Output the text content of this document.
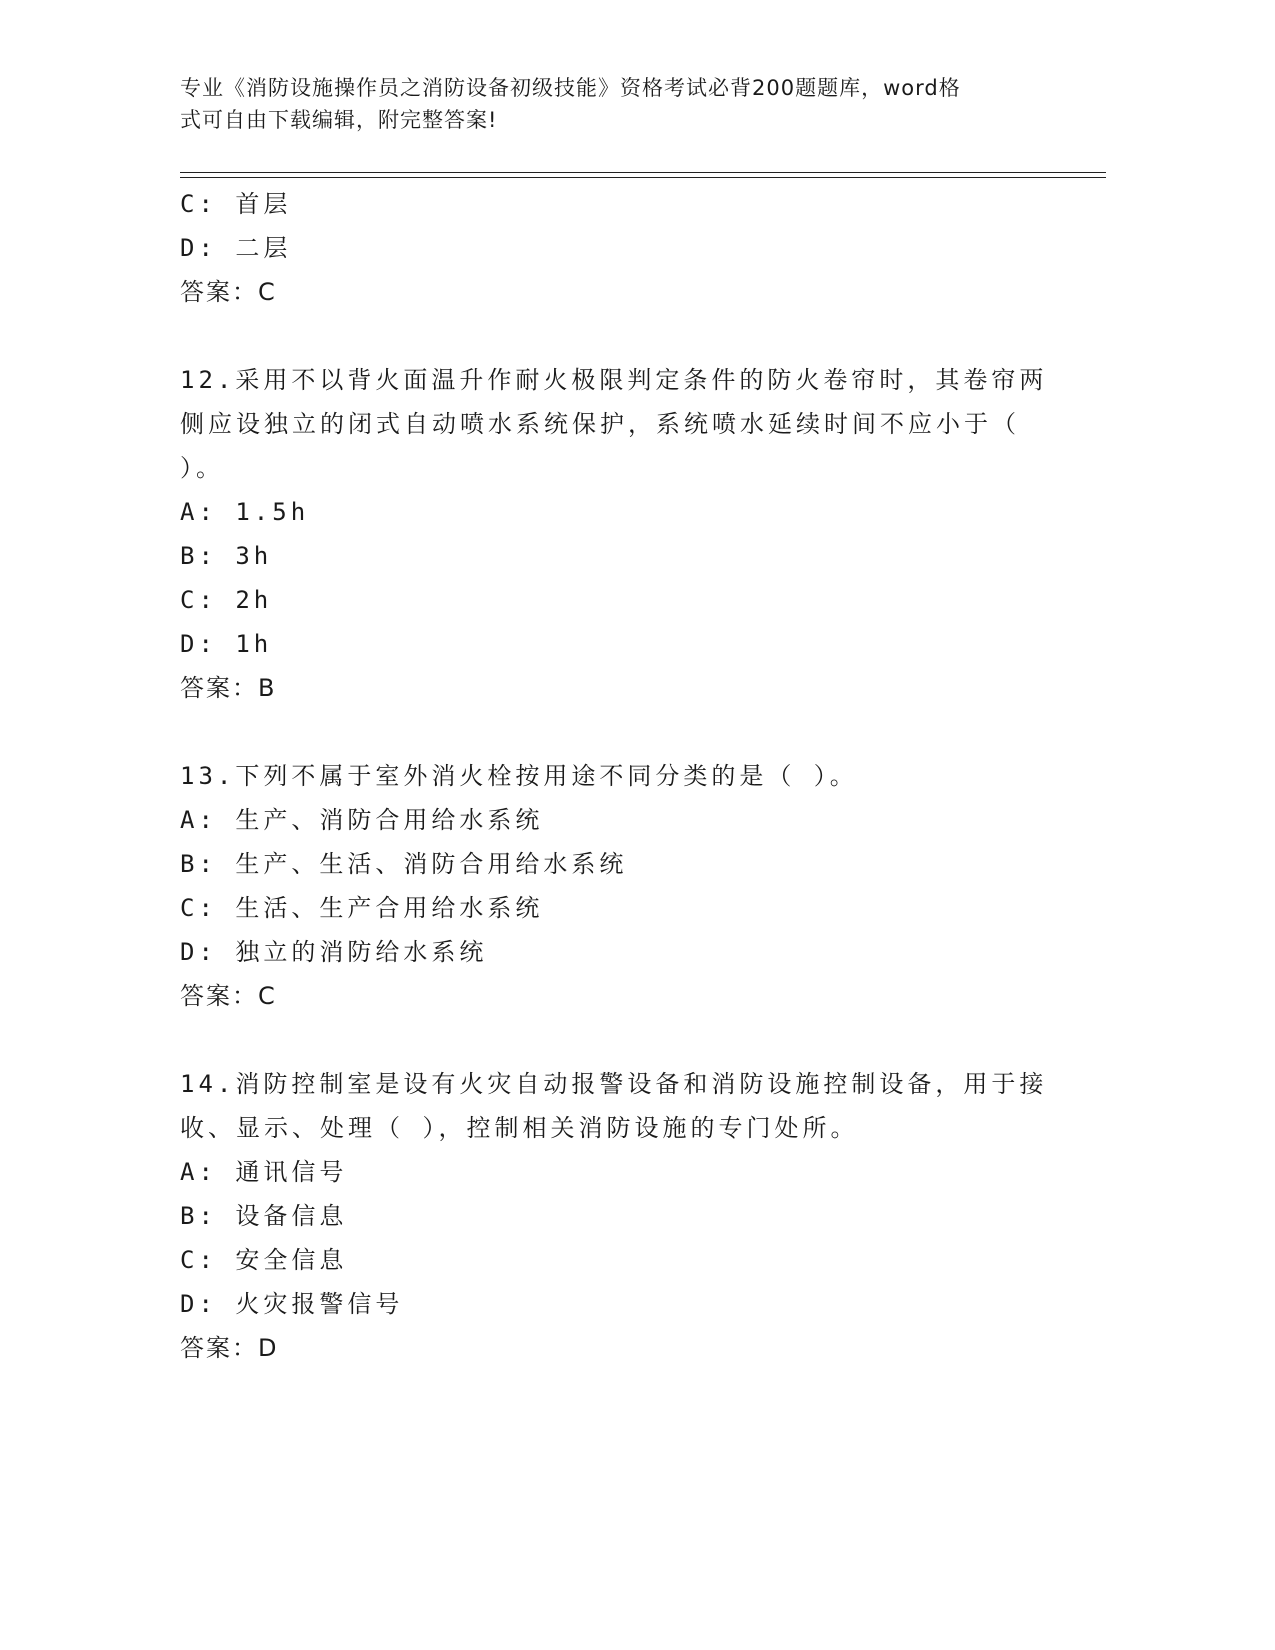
专业《消防设施操作员之消防设备初级技能》资格考试必背200题题库，word格
式可自由下载编辑，附完整答案!
C: 首层
D: 二层
答案：C
12.采用不以背火面温升作耐火极限判定条件的防火卷帘时，其卷帘两
侧应设独立的闭式自动喷水系统保护，系统喷水延续时间不应小于（
）。
A: 1.5h
B: 3h
C: 2h
D: 1h
答案：B
13.下列不属于室外消火栓按用途不同分类的是（ ）。
A: 生产、消防合用给水系统
B: 生产、生活、消防合用给水系统
C: 生活、生产合用给水系统
D: 独立的消防给水系统
答案：C
14.消防控制室是设有火灾自动报警设备和消防设施控制设备，用于接
收、显示、处理（ ），控制相关消防设施的专门处所。
A: 通讯信号
B: 设备信息
C: 安全信息
D: 火灾报警信号
答案：D
